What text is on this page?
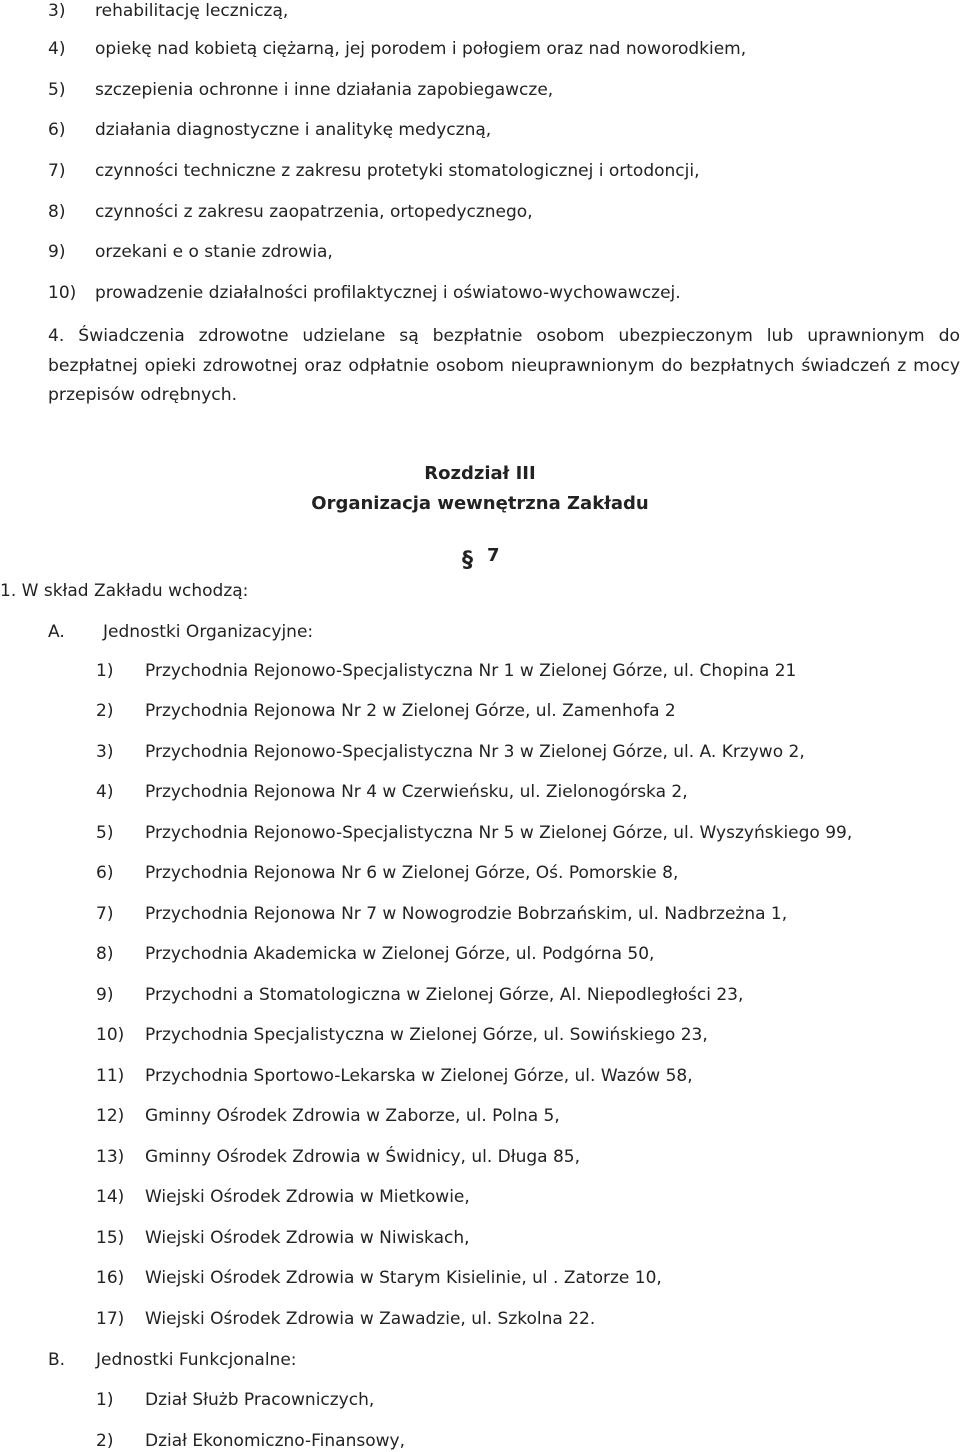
3) rehabilitację leczniczą,
4) opiekę nad kobietą ciężarną, jej porodem i połogiem oraz nad noworodkiem,
5) szczepienia ochronne i inne działania zapobiegawcze,
6) działania diagnostyczne i analitykę medyczną,
7) czynności techniczne z zakresu protetyki stomatologicznej i ortodoncji,
8) czynności z zakresu zaopatrzenia, ortopedycznego,
9) orzekani e o stanie zdrowia,
10) prowadzenie działalności profilaktycznej i oświatowo-wychowawczej.
4. Świadczenia zdrowotne udzielane są bezpłatnie osobom ubezpieczonym lub uprawnionym do bezpłatnej opieki zdrowotnej oraz odpłatnie osobom nieuprawnionym do bezpłatnych świadczeń z mocy przepisów odrębnych.
Rozdział III
Organizacja wewnętrzna Zakładu
§ 7
1. W skład Zakładu wchodzą:
A. Jednostki Organizacyjne:
1) Przychodnia Rejonowo-Specjalistyczna Nr 1 w Zielonej Górze, ul. Chopina 21
2) Przychodnia Rejonowa Nr 2 w Zielonej Górze, ul. Zamenhofa 2
3) Przychodnia Rejonowo-Specjalistyczna Nr 3 w Zielonej Górze, ul. A. Krzywo 2,
4) Przychodnia Rejonowa Nr 4 w Czerwieńsku, ul. Zielonogórska 2,
5) Przychodnia Rejonowo-Specjalistyczna Nr 5 w Zielonej Górze, ul. Wyszyńskiego 99,
6) Przychodnia Rejonowa Nr 6 w Zielonej Górze, Oś. Pomorskie 8,
7) Przychodnia Rejonowa Nr 7 w Nowogrodzie Bobrzańskim, ul. Nadbrzeżna 1,
8) Przychodnia Akademicka w Zielonej Górze, ul. Podgórna 50,
9) Przychodni a Stomatologiczna w Zielonej Górze, Al. Niepodległości 23,
10) Przychodnia Specjalistyczna w Zielonej Górze, ul. Sowińskiego 23,
11) Przychodnia Sportowo-Lekarska w Zielonej Górze, ul. Wazów 58,
12) Gminny Ośrodek Zdrowia w Zaborze, ul. Polna 5,
13) Gminny Ośrodek Zdrowia w Świdnicy, ul. Długa 85,
14) Wiejski Ośrodek Zdrowia w Mietkowie,
15) Wiejski Ośrodek Zdrowia w Niwiskach,
16) Wiejski Ośrodek Zdrowia w Starym Kisielinie, ul . Zatorze 10,
17) Wiejski Ośrodek Zdrowia w Zawadzie, ul. Szkolna 22.
B. Jednostki Funkcjonalne:
1) Dział Służb Pracowniczych,
2) Dział Ekonomiczno-Finansowy,
